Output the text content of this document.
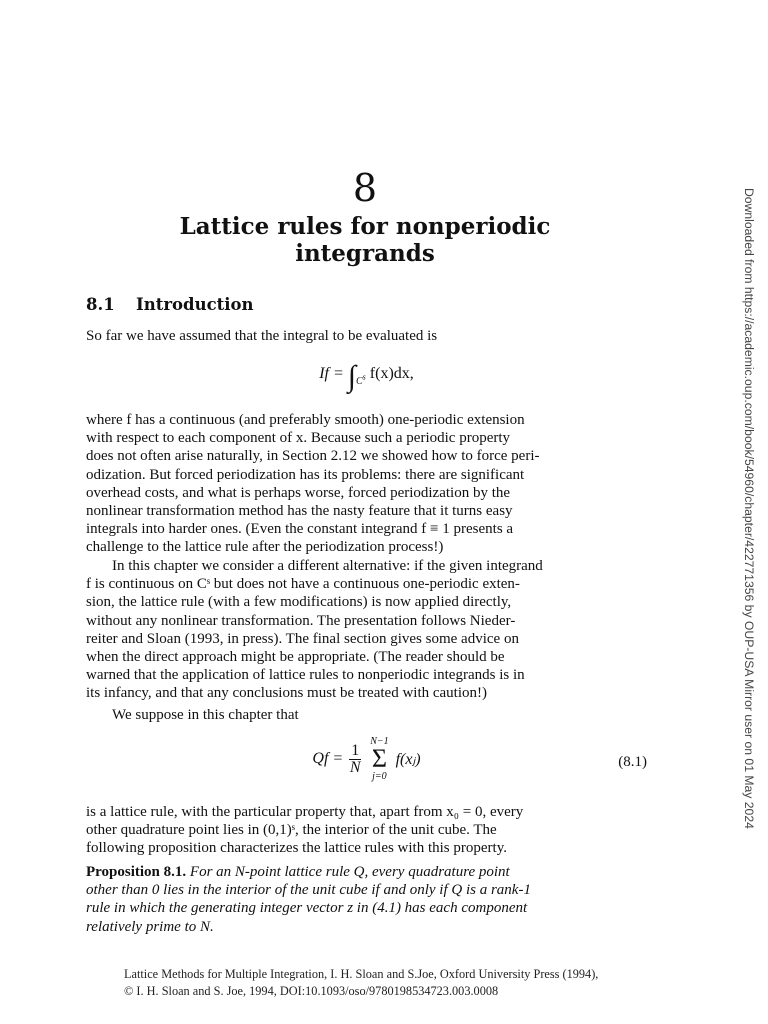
8
Lattice rules for nonperiodic integrands
8.1 Introduction

So far we have assumed that the integral to be evaluated is

$If = \int_{C^s}$ f(x)dx,

where f has a continuous (and preferably smooth) one-periodic extension

with respect to each component of x. Because such a periodic property

does not often arise naturally, in Section 2.12 we showed how to force peri-

odization. But forced periodization has its problems: there are significant

overhead costs, and what is perhaps worse, forced periodization by the

nonlinear transformation method has the nasty feature that it turns easy

integrals into harder ones. (Even the constant integrand f ≡ 1 presents a

challenge to the lattice rule after the periodization process!)

In this chapter we consider a different alternative: if the given integrand

f is continuous on Cˢ but does not have a continuous one-periodic exten-

sion, the lattice rule (with a few modifications) is now applied directly,

without any nonlinear transformation. The presentation follows Nieder-

reiter and Sloan (1993, in press). The final section gives some advice on

when the direct approach might be appropriate. (The reader should be

warned that the application of lattice rules to nonperiodic integrands is in

its infancy, and that any conclusions must be treated with caution!)

We suppose in this chapter that

$Qf = \frac{1}{N}$

N−1
Σ
j=0
f(xⱼ)	(8.1)

is a lattice rule, with the particular property that, apart from x₀ = 0, every

other quadrature point lies in (0,1)ˢ, the interior of the unit cube. The

following proposition characterizes the lattice rules with this property.

Proposition 8.1. For an N-point lattice rule Q, every quadrature point

other than 0 lies in the interior of the unit cube if and only if Q is a rank-1

rule in which the generating integer vector z in (4.1) has each component

relatively prime to N.

Downloaded from https://academic.oup.com/book/54960/chapter/422771356 by OUP-USA Mirror user on 01 May 2024
Lattice Methods for Multiple Integration, I. H. Sloan and S.Joe, Oxford University Press (1994),
© I. H. Sloan and S. Joe, 1994, DOI:10.1093/oso/9780198534723.003.0008
